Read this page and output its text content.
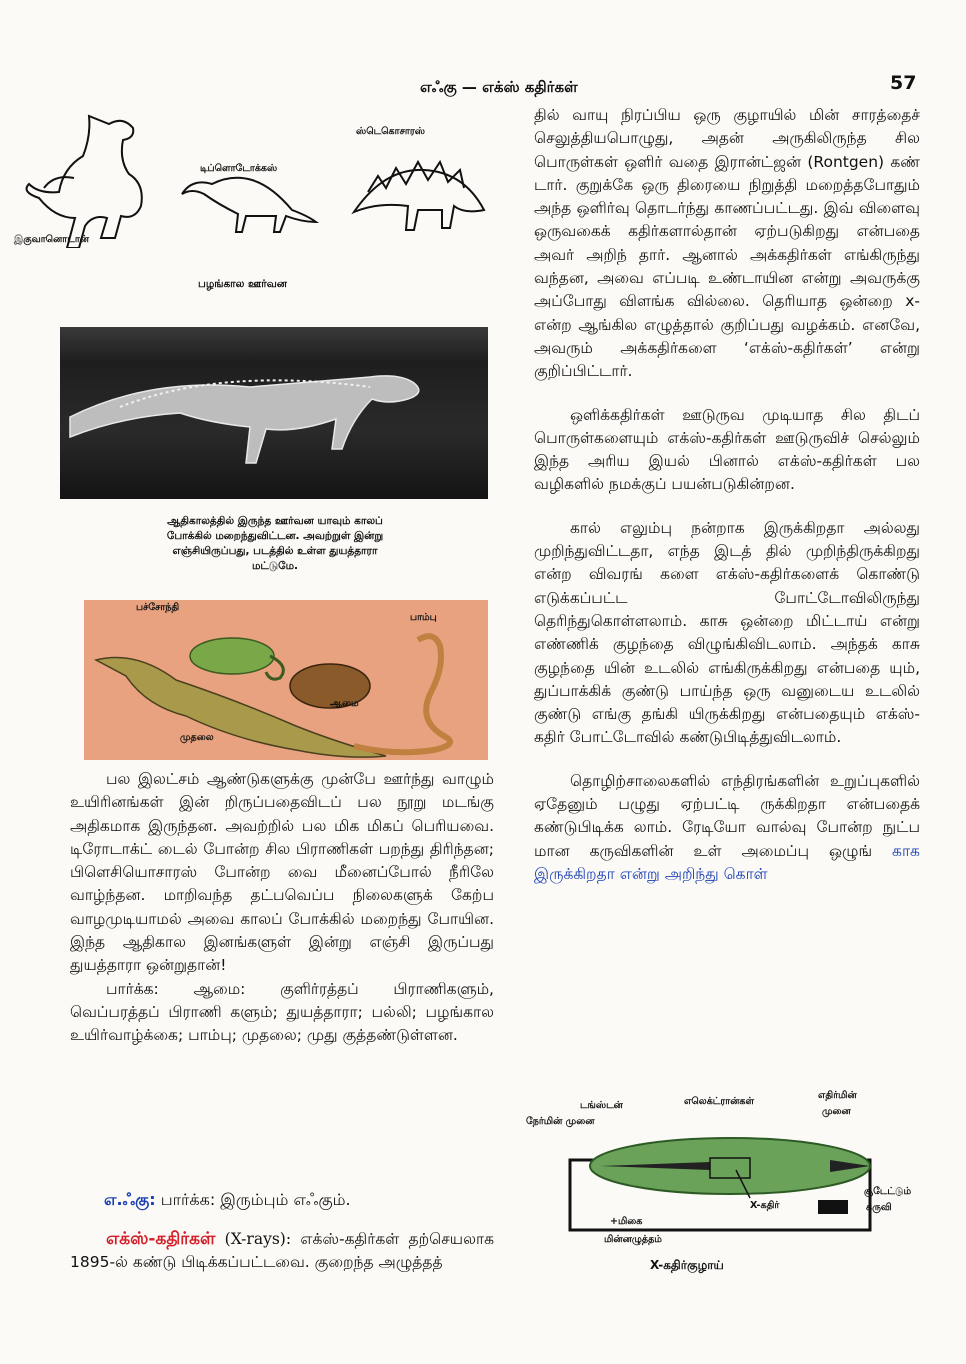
எஃகு — எக்ஸ் கதிர்கள்	57
இகுவானொடான்
டிப்ளொடோக்கஸ்
ஸ்டெகொசாரஸ்
பழங்கால ஊர்வன
ஆதிகாலத்தில் இருந்த ஊர்வன யாவும் காலப்
போக்கில் மறைந்துவிட்டன. அவற்றுள் இன்று
எஞ்சியிருப்பது, படத்தில் உள்ள துயத்தாரா
மட்டுமே.
பச்சோந்தி
பாம்பு
ஆமை
முதலை

பல இலட்சம் ஆண்டுகளுக்கு முன்பே ஊர்ந்து வாழும் உயிரினங்கள் இன் றிருப்பதைவிடப் பல நூறு மடங்கு அதிகமாக இருந்தன. அவற்றில் பல மிக மிகப் பெரியவை. டிரோடாக்ட் டைல் போன்ற சில பிராணிகள் பறந்து திரிந்தன; பிளெசியொசாரஸ் போன்ற வை மீனைப்போல் நீரிலே வாழ்ந்தன. மாறிவந்த தட்பவெப்ப நிலைகளுக் கேற்ப வாழமுடியாமல் அவை காலப் போக்கில் மறைந்து போயின. இந்த ஆதிகால இனங்களுள் இன்று எஞ்சி இருப்பது துயத்தாரா ஒன்றுதான்!

பார்க்க: ஆமை: குளிர்ரத்தப் பிராணிகளும், வெப்பரத்தப் பிராணி களும்; துயத்தாரா; பல்லி; பழங்கால உயிர்வாழ்க்கை; பாம்பு; முதலை; முது குத்தண்டுள்ளன.

எ.ஃகு: பார்க்க: இரும்பும் எஃகும்.

எக்ஸ்-கதிர்கள் (X-rays): எக்ஸ்-கதிர்கள் தற்செயலாக 1895-ல் கண்டு பிடிக்கப்பட்டவை. குறைந்த அழுத்தத்

தில் வாயு நிரப்பிய ஒரு குழாயில் மின் சாரத்தைச் செலுத்தியபொழுது, அதன் அருகிலிருந்த சில பொருள்கள் ஒளிர் வதை இரான்ட்ஜன் (Rontgen) கண் டார். குறுக்கே ஒரு திரையை நிறுத்தி மறைத்தபோதும் அந்த ஒளிர்வு தொடர்ந்து காணப்பட்டது. இவ் விளைவு ஒருவகைக் கதிர்களால்தான் ஏற்படுகிறது என்பதை அவர் அறிந் தார். ஆனால் அக்கதிர்கள் எங்கிருந்து வந்தன, அவை எப்படி உண்டாயின என்று அவருக்கு அப்போது விளங்க வில்லை. தெரியாத ஒன்றை x-என்ற ஆங்கில எழுத்தால் குறிப்பது வழக்கம். எனவே, அவரும் அக்கதிர்களை ‘எக்ஸ்-கதிர்கள்’ என்று குறிப்பிட்டார்.

ஒளிக்கதிர்கள் ஊடுருவ முடியாத சில திடப் பொருள்களையும் எக்ஸ்-கதிர்கள் ஊடுருவிச் செல்லும் இந்த அரிய இயல் பினால் எக்ஸ்-கதிர்கள் பல வழிகளில் நமக்குப் பயன்படுகின்றன.

கால் எலும்பு நன்றாக இருக்கிறதா அல்லது முறிந்துவிட்டதா, எந்த இடத் தில் முறிந்திருக்கிறது என்ற விவரங் களை எக்ஸ்-கதிர்களைக் கொண்டு எடுக்கப்பட்ட போட்டோவிலிருந்து தெரிந்துகொள்ளலாம். காசு ஒன்றை மிட்டாய் என்று எண்ணிக் குழந்தை விழுங்கிவிடலாம். அந்தக் காசு குழந்தை யின் உடலில் எங்கிருக்கிறது என்பதை யும், துப்பாக்கிக் குண்டு பாய்ந்த ஒரு வனுடைய உடலில் குண்டு எங்கு தங்கி யிருக்கிறது என்பதையும் எக்ஸ்-கதிர் போட்டோவில் கண்டுபிடித்துவிடலாம்.

தொழிற்சாலைகளில் எந்திரங்களின் உறுப்புகளில் ஏதேனும் பழுது ஏற்பட்டி ருக்கிறதா என்பதைக் கண்டுபிடிக்க லாம். ரேடியோ வால்வு போன்ற நுட்ப மான கருவிகளின் உள் அமைப்பு ஒழுங் காக இருக்கிறதா என்று அறிந்து கொள்

டங்ஸ்டன்
நேர்மின் முனை
எலெக்ட்ரான்கள்
எதிர்மின்
முனை
சூடேட்டும்
கருவி
X-கதிர்
+மிகை
மின்னழுத்தம்
X-கதிர்குழாய்
